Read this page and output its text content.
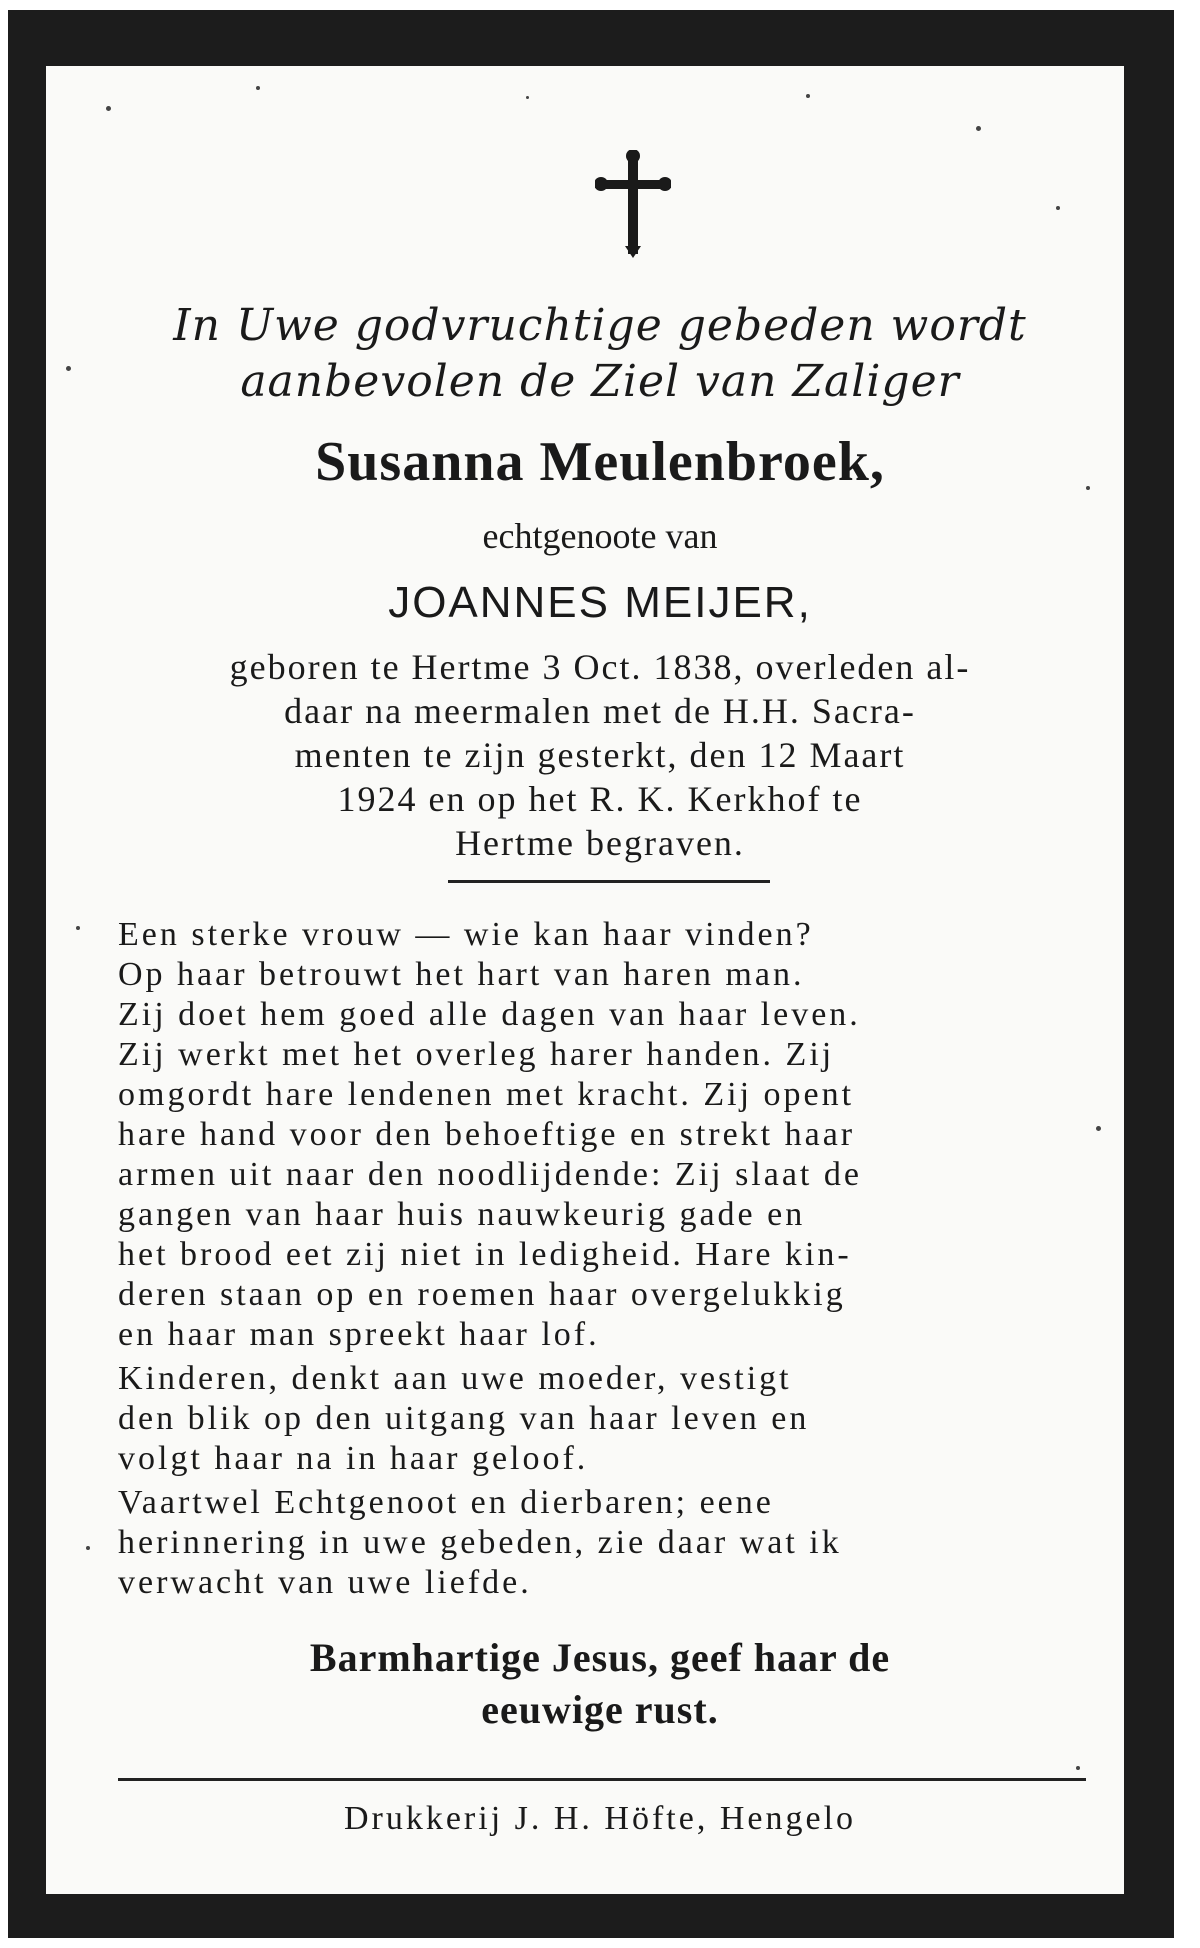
In Uwe godvruchtige gebeden wordt

aanbevolen de Ziel van Zaliger

Susanna Meulenbroek,

echtgenoote van

JOANNES MEIJER,

geboren te Hertme 3 Oct. 1838, overleden al-

daar na meermalen met de H.H. Sacra-

menten te zijn gesterkt, den 12 Maart

1924 en op het R. K. Kerkhof te

Hertme begraven.

Een sterke vrouw — wie kan haar vinden?

Op haar betrouwt het hart van haren man.

Zij doet hem goed alle dagen van haar leven.

Zij werkt met het overleg harer handen. Zij

omgordt hare lendenen met kracht. Zij opent

hare hand voor den behoeftige en strekt haar

armen uit naar den noodlijdende: Zij slaat de

gangen van haar huis nauwkeurig gade en

het brood eet zij niet in ledigheid. Hare kin-

deren staan op en roemen haar overgelukkig

en haar man spreekt haar lof.

Kinderen, denkt aan uwe moeder, vestigt

den blik op den uitgang van haar leven en

volgt haar na in haar geloof.

Vaartwel Echtgenoot en dierbaren; eene

herinnering in uwe gebeden, zie daar wat ik

verwacht van uwe liefde.

Barmhartige Jesus, geef haar de

eeuwige rust.

Drukkerij J. H. Höfte, Hengelo
